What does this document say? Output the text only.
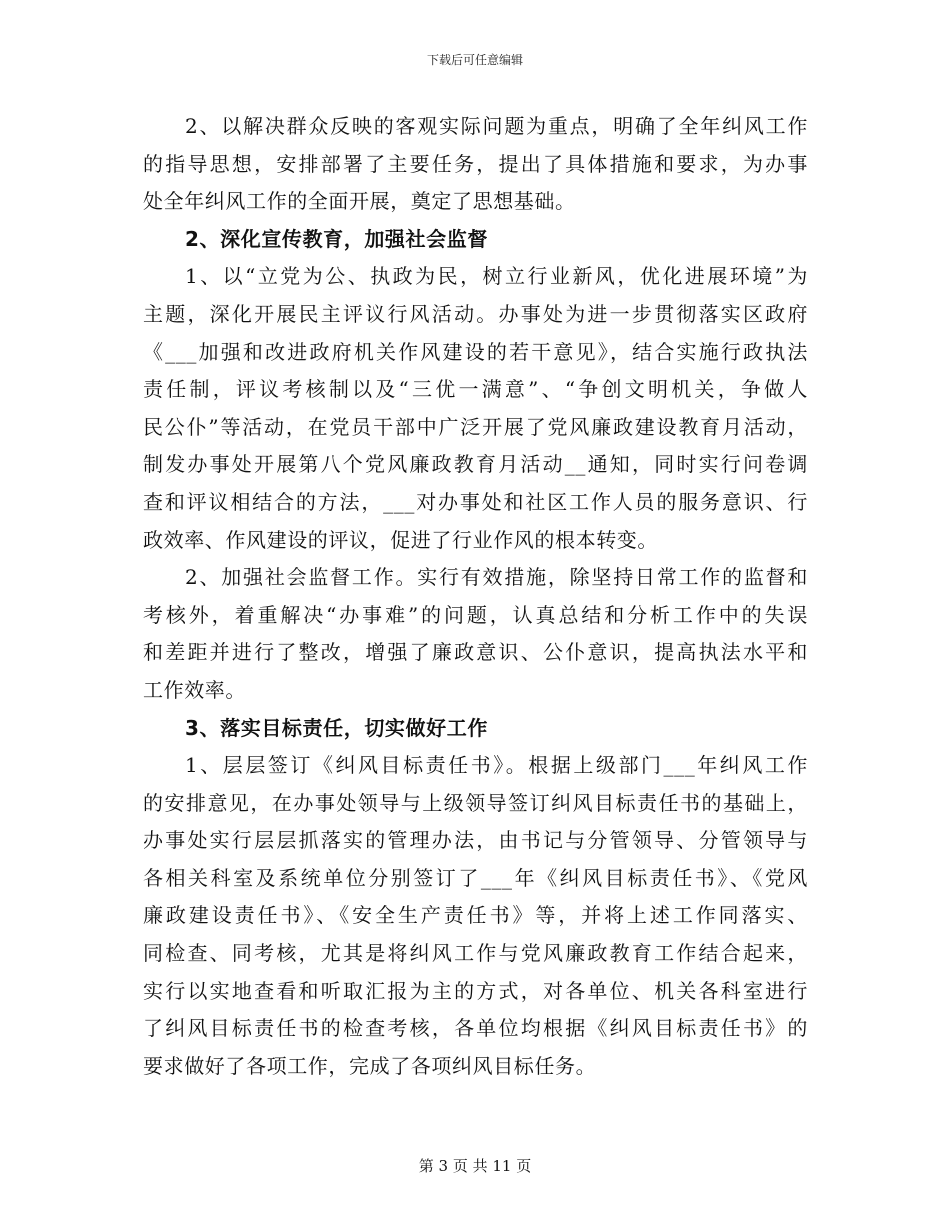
下载后可任意编辑
2、以解决群众反映的客观实际问题为重点，明确了全年纠风工作
的指导思想，安排部署了主要任务，提出了具体措施和要求，为办事
处全年纠风工作的全面开展，奠定了思想基础。
2、深化宣传教育，加强社会监督
1、以“立党为公、执政为民，树立行业新风，优化进展环境”为
主题，深化开展民主评议行风活动。办事处为进一步贯彻落实区政府
《___加强和改进政府机关作风建设的若干意见》，结合实施行政执法
责任制，评议考核制以及“三优一满意”、“争创文明机关，争做人
民公仆”等活动，在党员干部中广泛开展了党风廉政建设教育月活动，
制发办事处开展第八个党风廉政教育月活动__通知，同时实行问卷调
查和评议相结合的方法，___对办事处和社区工作人员的服务意识、行
政效率、作风建设的评议，促进了行业作风的根本转变。
2、加强社会监督工作。实行有效措施，除坚持日常工作的监督和
考核外，着重解决“办事难”的问题，认真总结和分析工作中的失误
和差距并进行了整改，增强了廉政意识、公仆意识，提高执法水平和
工作效率。
3、落实目标责任，切实做好工作
1、层层签订《纠风目标责任书》。根据上级部门___年纠风工作
的安排意见，在办事处领导与上级领导签订纠风目标责任书的基础上，
办事处实行层层抓落实的管理办法，由书记与分管领导、分管领导与
各相关科室及系统单位分别签订了___年《纠风目标责任书》、《党风
廉政建设责任书》、《安全生产责任书》等，并将上述工作同落实、
同检查、同考核，尤其是将纠风工作与党风廉政教育工作结合起来，
实行以实地查看和听取汇报为主的方式，对各单位、机关各科室进行
了纠风目标责任书的检查考核，各单位均根据《纠风目标责任书》的
要求做好了各项工作，完成了各项纠风目标任务。
第 3 页 共 11 页
